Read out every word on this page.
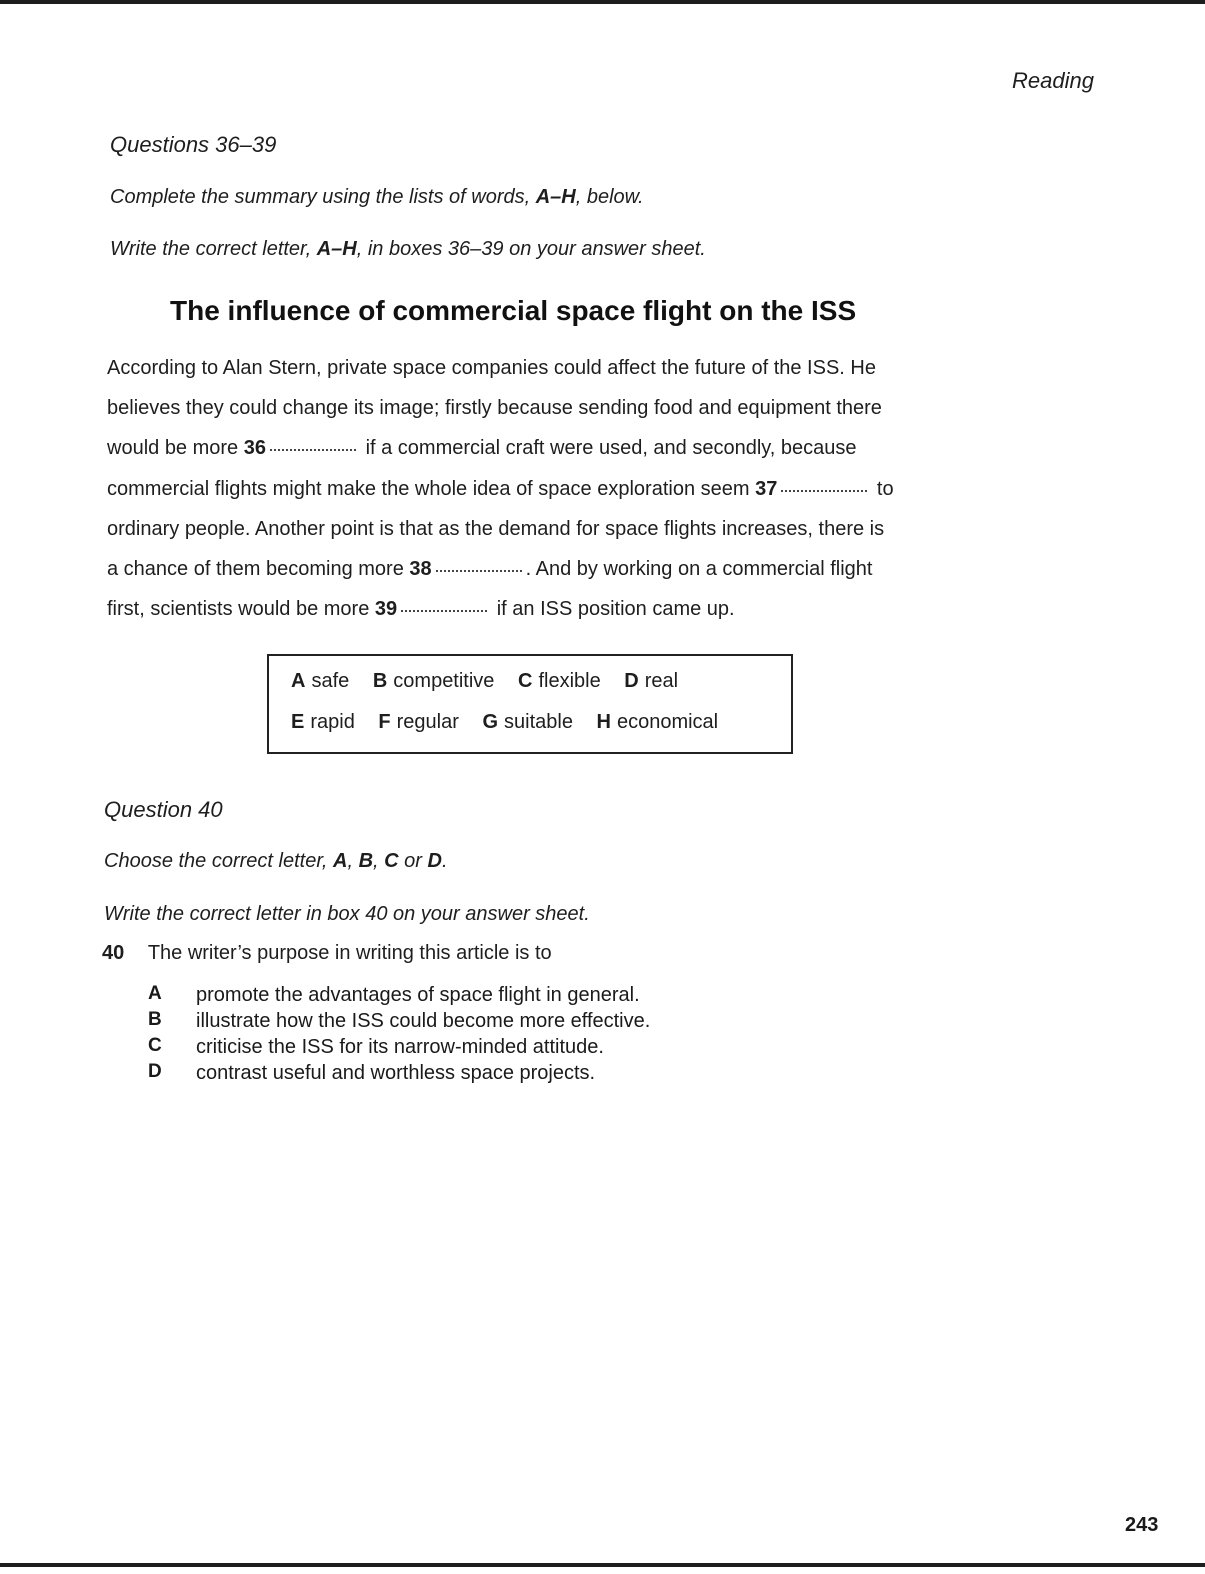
Reading
Questions 36–39
Complete the summary using the lists of words, A–H, below.
Write the correct letter, A–H, in boxes 36–39 on your answer sheet.
The influence of commercial space flight on the ISS
According to Alan Stern, private space companies could affect the future of the ISS. He
believes they could change its image; firstly because sending food and equipment there
would be more 36	if a commercial craft were used, and secondly, because
commercial flights might make the whole idea of space exploration seem 37	to
ordinary people. Another point is that as the demand for space flights increases, there is
a chance of them becoming more 38	. And by working on a commercial flight
first, scientists would be more 39	if an ISS position came up.
A safe B competitive C flexible D real
E rapid F regular G suitable H economical
Question 40
Choose the correct letter, A, B, C or D.
Write the correct letter in box 40 on your answer sheet.
40 The writer’s purpose in writing this article is to
A promote the advantages of space flight in general.
B illustrate how the ISS could become more effective.
C criticise the ISS for its narrow-minded attitude.
D contrast useful and worthless space projects.
243
